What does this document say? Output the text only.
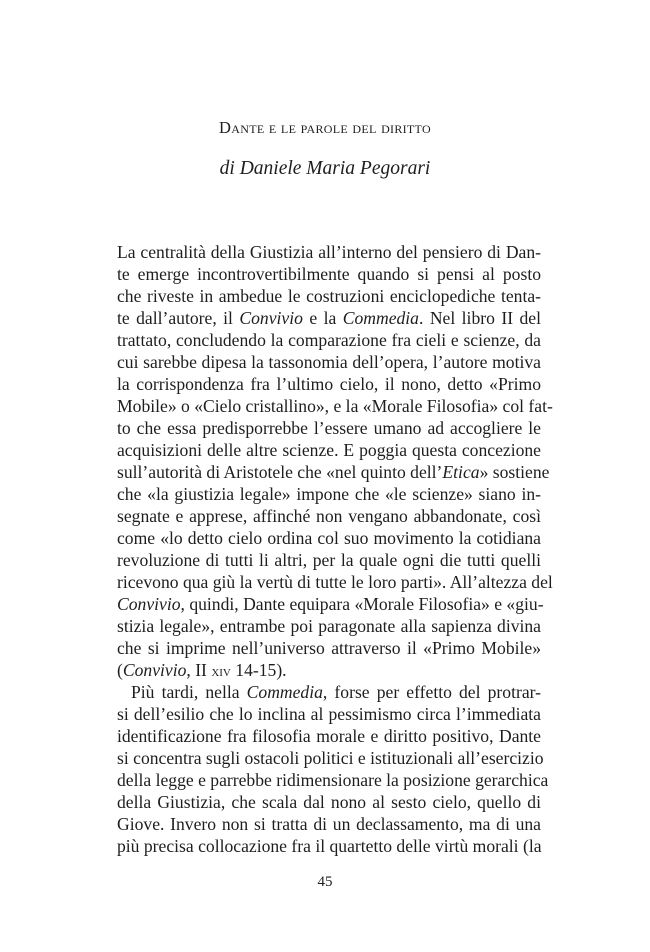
Dante e le parole del diritto
di Daniele Maria Pegorari
La centralità della Giustizia all’interno del pensiero di Dan-
te emerge incontrovertibilmente quando si pensi al posto
che riveste in ambedue le costruzioni enciclopediche tenta-
te dall’autore, il Convivio e la Commedia. Nel libro II del
trattato, concludendo la comparazione fra cieli e scienze, da
cui sarebbe dipesa la tassonomia dell’opera, l’autore motiva
la corrispondenza fra l’ultimo cielo, il nono, detto «Primo
Mobile» o «Cielo cristallino», e la «Morale Filosofia» col fat-
to che essa predisporrebbe l’essere umano ad accogliere le
acquisizioni delle altre scienze. E poggia questa concezione
sull’autorità di Aristotele che «nel quinto dell’Etica» sostiene
che «la giustizia legale» impone che «le scienze» siano in-
segnate e apprese, affinché non vengano abbandonate, così
come «lo detto cielo ordina col suo movimento la cotidiana
revoluzione di tutti li altri, per la quale ogni die tutti quelli
ricevono qua giù la vertù di tutte le loro parti». All’altezza del
Convivio, quindi, Dante equipara «Morale Filosofia» e «giu-
stizia legale», entrambe poi paragonate alla sapienza divina
che si imprime nell’universo attraverso il «Primo Mobile»
(Convivio, II xiv 14-15).
Più tardi, nella Commedia, forse per effetto del protrar-
si dell’esilio che lo inclina al pessimismo circa l’immediata
identificazione fra filosofia morale e diritto positivo, Dante
si concentra sugli ostacoli politici e istituzionali all’esercizio
della legge e parrebbe ridimensionare la posizione gerarchica
della Giustizia, che scala dal nono al sesto cielo, quello di
Giove. Invero non si tratta di un declassamento, ma di una
più precisa collocazione fra il quartetto delle virtù morali (la
45
